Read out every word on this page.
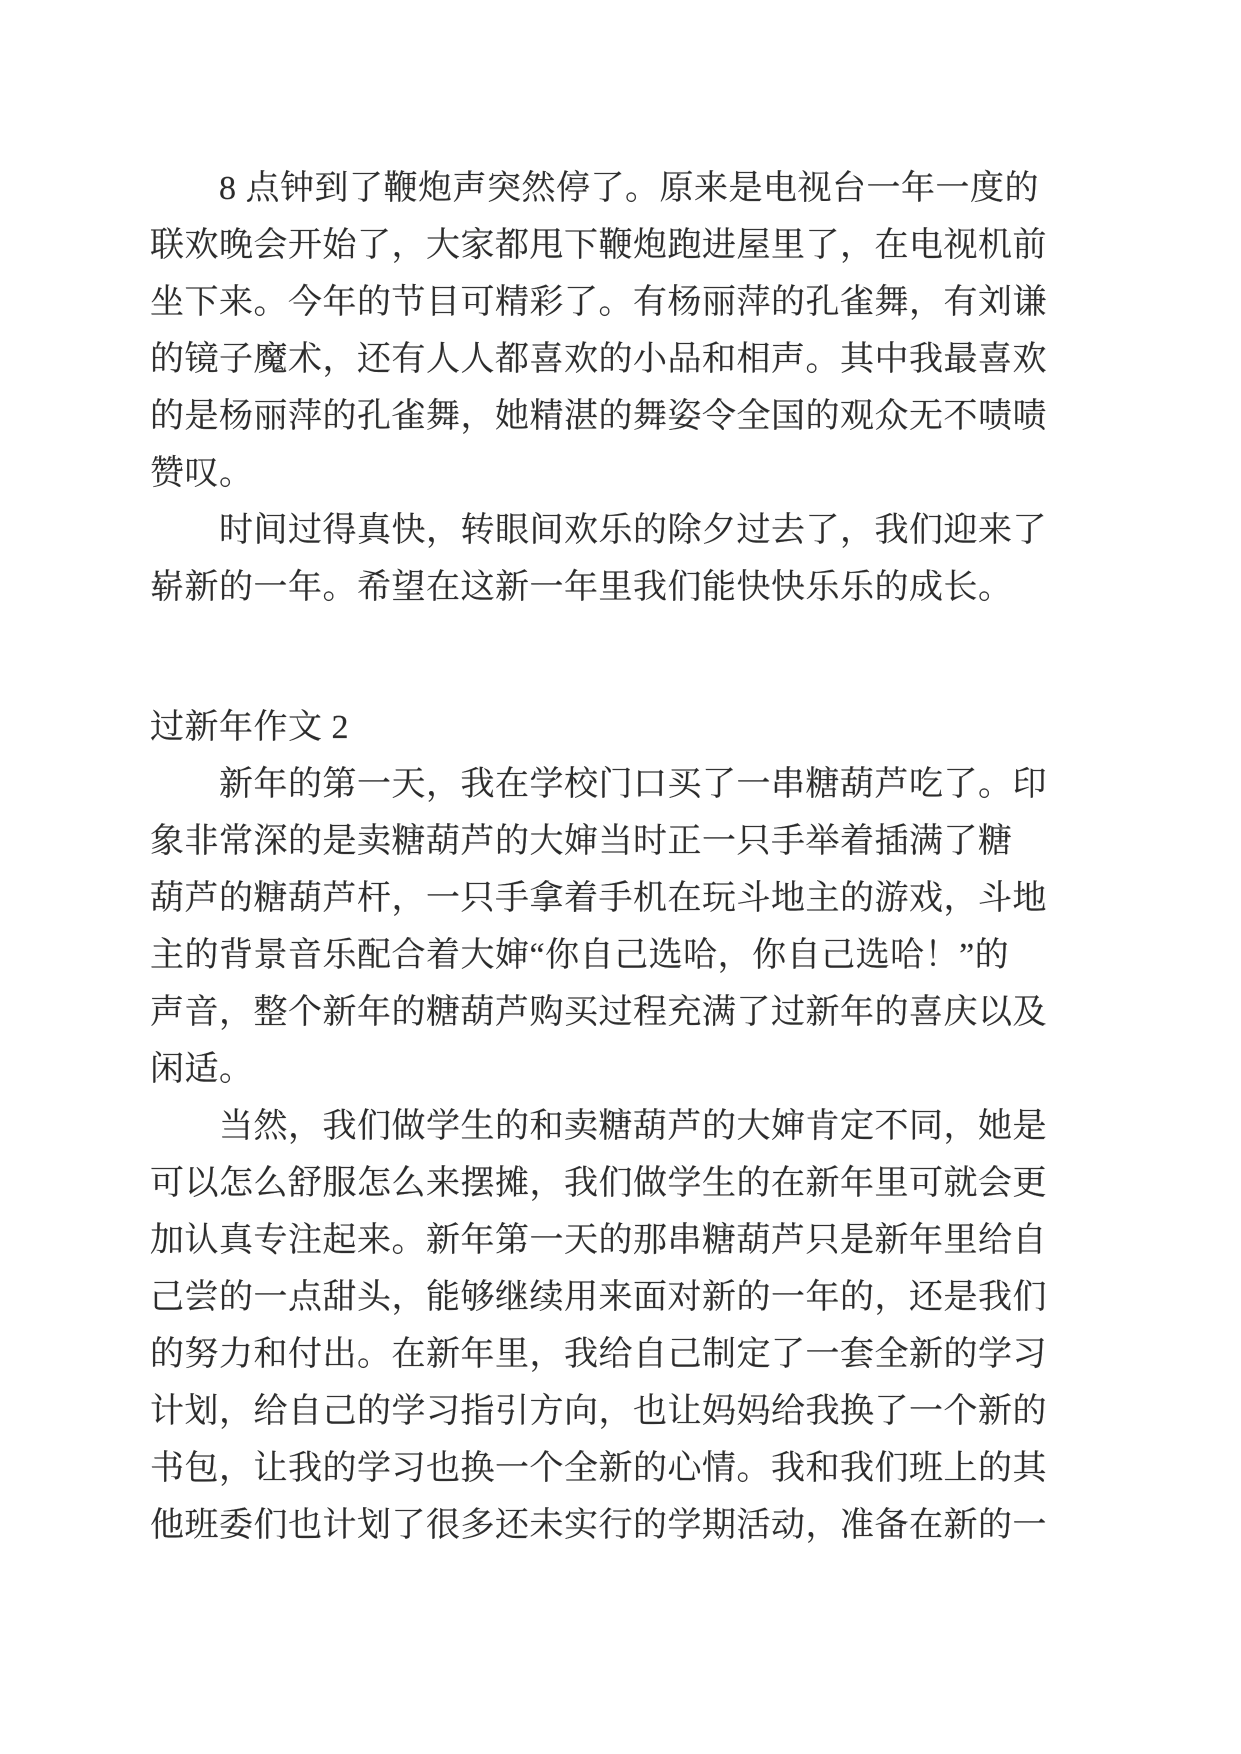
8 点钟到了鞭炮声突然停了。原来是电视台一年一度的
联欢晚会开始了，大家都甩下鞭炮跑进屋里了，在电视机前
坐下来。今年的节目可精彩了。有杨丽萍的孔雀舞，有刘谦
的镜子魔术，还有人人都喜欢的小品和相声。其中我最喜欢
的是杨丽萍的孔雀舞，她精湛的舞姿令全国的观众无不啧啧
赞叹。
时间过得真快，转眼间欢乐的除夕过去了，我们迎来了
崭新的一年。希望在这新一年里我们能快快乐乐的成长。
过新年作文 2
新年的第一天，我在学校门口买了一串糖葫芦吃了。印
象非常深的是卖糖葫芦的大婶当时正一只手举着插满了糖
葫芦的糖葫芦杆，一只手拿着手机在玩斗地主的游戏，斗地
主的背景音乐配合着大婶“你自己选哈，你自己选哈！”的
声音，整个新年的糖葫芦购买过程充满了过新年的喜庆以及
闲适。
当然，我们做学生的和卖糖葫芦的大婶肯定不同，她是
可以怎么舒服怎么来摆摊，我们做学生的在新年里可就会更
加认真专注起来。新年第一天的那串糖葫芦只是新年里给自
己尝的一点甜头，能够继续用来面对新的一年的，还是我们
的努力和付出。在新年里，我给自己制定了一套全新的学习
计划，给自己的学习指引方向，也让妈妈给我换了一个新的
书包，让我的学习也换一个全新的心情。我和我们班上的其
他班委们也计划了很多还未实行的学期活动，准备在新的一
